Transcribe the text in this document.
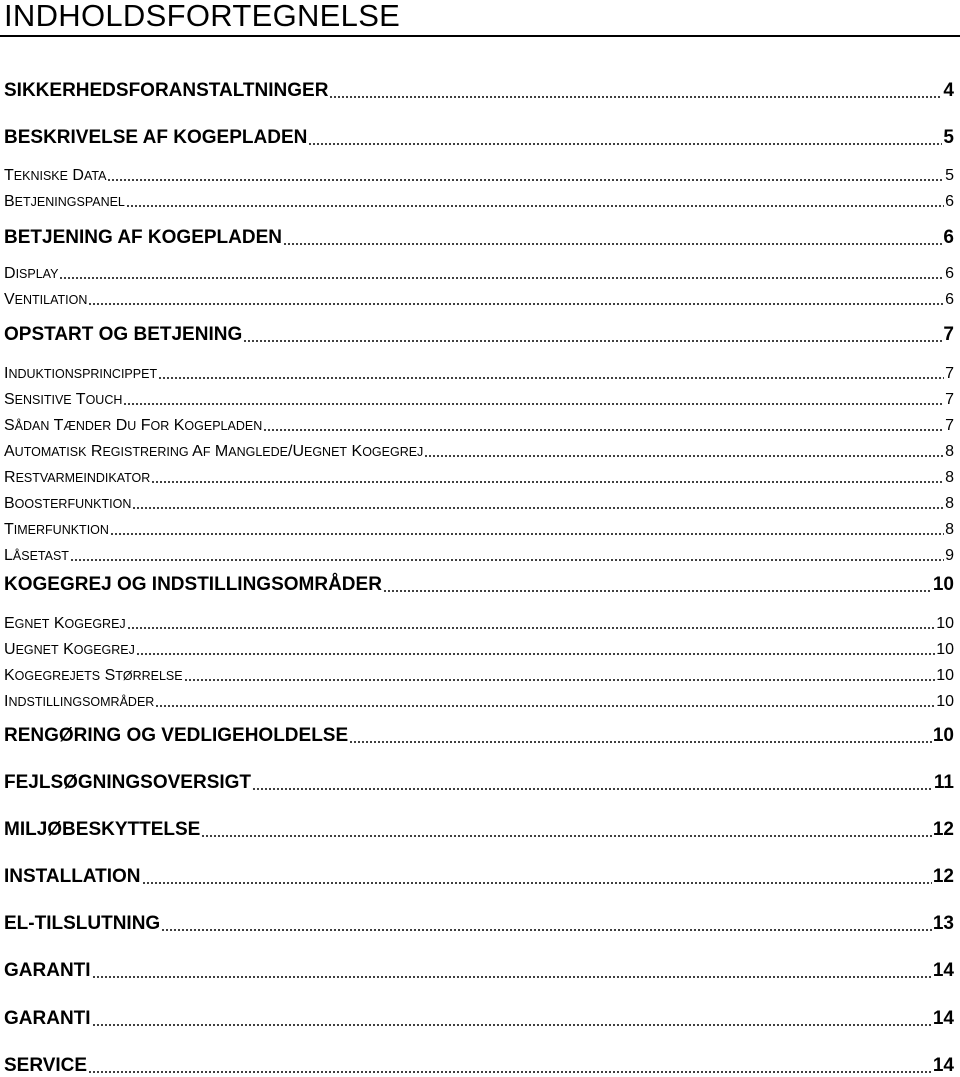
INDHOLDSFORTEGNELSE
SIKKERHEDSFORANSTALTNINGER	4
BESKRIVELSE AF KOGEPLADEN	5
TEKNISKE DATA	5
BETJENINGSPANEL	6
BETJENING AF KOGEPLADEN	6
DISPLAY	6
VENTILATION	6
OPSTART OG BETJENING	7
INDUKTIONSPRINCIPPET	7
SENSITIVE TOUCH	7
SÅDAN TÆNDER DU FOR KOGEPLADEN	7
AUTOMATISK REGISTRERING AF MANGLEDE/UEGNET KOGEGREJ	8
RESTVARMEINDIKATOR	8
BOOSTERFUNKTION	8
TIMERFUNKTION	8
LÅSETAST	9
KOGEGREJ OG INDSTILLINGSOMRÅDER	10
EGNET KOGEGREJ	10
UEGNET KOGEGREJ	10
KOGEGREJETS STØRRELSE	10
INDSTILLINGSOMRÅDER	10
RENGØRING OG VEDLIGEHOLDELSE	10
FEJLSØGNINGSOVERSIGT	11
MILJØBESKYTTELSE	12
INSTALLATION	12
EL-TILSLUTNING	13
GARANTI	14
GARANTI	14
SERVICE	14
